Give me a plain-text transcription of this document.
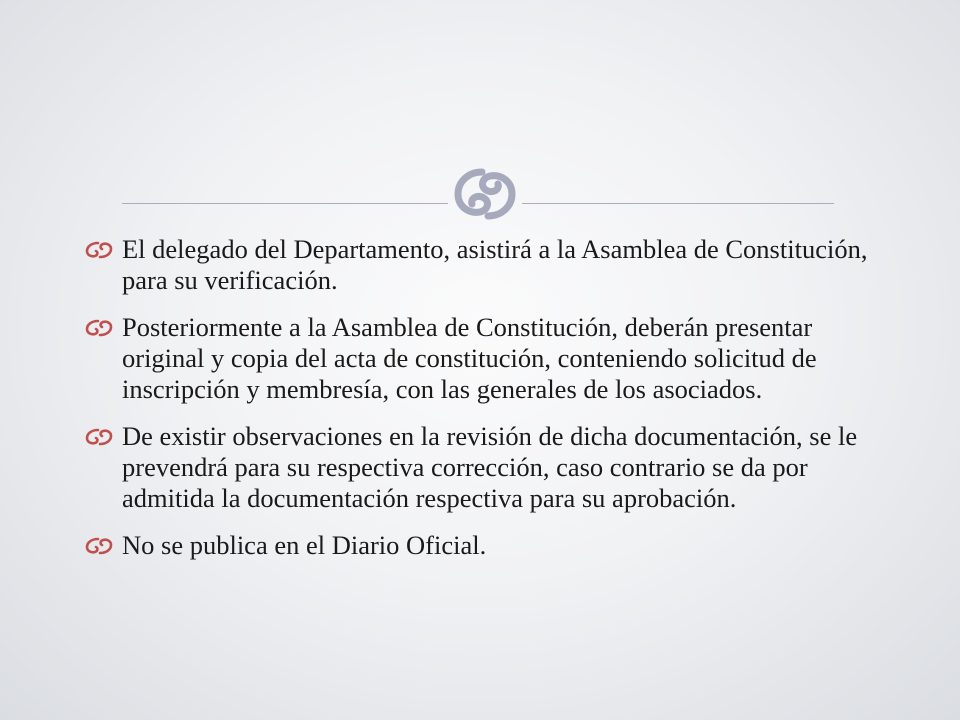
El delegado del Departamento, asistirá a la Asamblea de Constitución, para su verificación.
Posteriormente a la Asamblea de Constitución, deberán presentar original y copia del acta de constitución, conteniendo solicitud de inscripción y membresía, con las generales de los asociados.
De existir observaciones en la revisión de dicha documentación, se le prevendrá para su respectiva corrección, caso contrario se da por admitida la documentación respectiva para su aprobación.
No se publica en el Diario Oficial.
